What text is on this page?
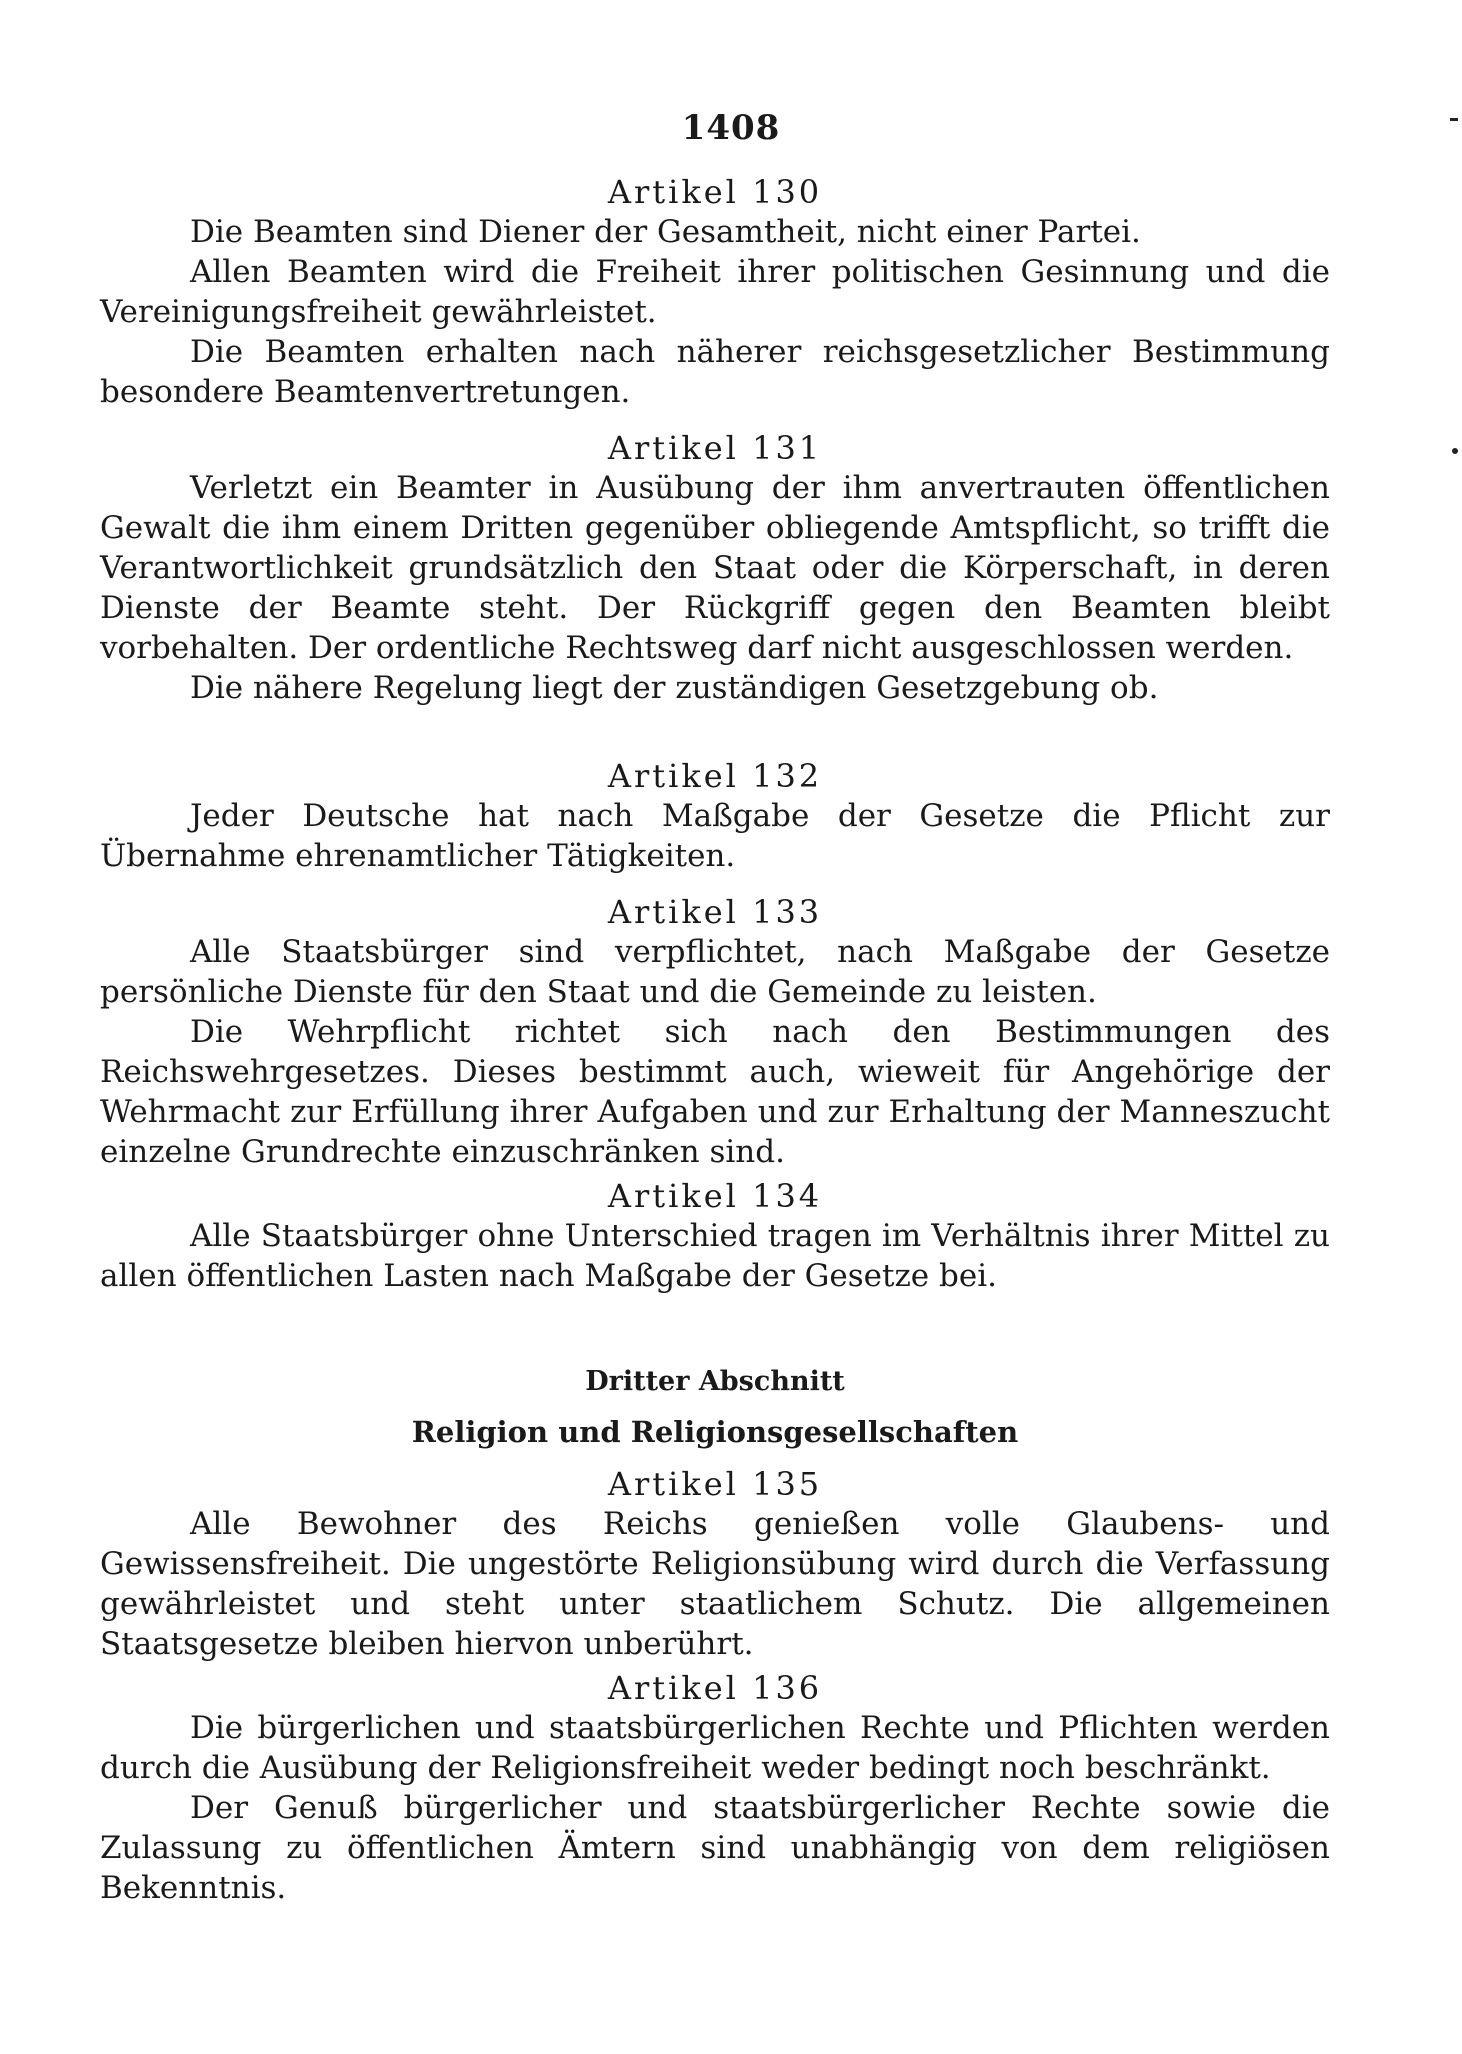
1408

Artikel 130

Die Beamten sind Diener der Gesamtheit, nicht einer Partei.

Allen Beamten wird die Freiheit ihrer politischen Gesinnung und die Vereinigungsfreiheit gewährleistet.

Die Beamten erhalten nach näherer reichsgesetzlicher Bestimmung besondere Beamtenvertretungen.

Artikel 131

Verletzt ein Beamter in Ausübung der ihm anvertrauten öffentlichen Gewalt die ihm einem Dritten gegenüber obliegende Amtspflicht, so trifft die Verantwortlichkeit grundsätzlich den Staat oder die Körperschaft, in deren Dienste der Beamte steht. Der Rückgriff gegen den Beamten bleibt vorbehalten. Der ordentliche Rechtsweg darf nicht ausgeschlossen werden.

Die nähere Regelung liegt der zuständigen Gesetzgebung ob.

Artikel 132

Jeder Deutsche hat nach Maßgabe der Gesetze die Pflicht zur Übernahme ehrenamtlicher Tätigkeiten.

Artikel 133

Alle Staatsbürger sind verpflichtet, nach Maßgabe der Gesetze persönliche Dienste für den Staat und die Gemeinde zu leisten.

Die Wehrpflicht richtet sich nach den Bestimmungen des Reichswehrgesetzes. Dieses bestimmt auch, wieweit für Angehörige der Wehrmacht zur Erfüllung ihrer Aufgaben und zur Erhaltung der Manneszucht einzelne Grundrechte einzuschränken sind.

Artikel 134

Alle Staatsbürger ohne Unterschied tragen im Verhältnis ihrer Mittel zu allen öffentlichen Lasten nach Maßgabe der Gesetze bei.

Dritter Abschnitt

Religion und Religionsgesellschaften

Artikel 135

Alle Bewohner des Reichs genießen volle Glaubens- und Gewissensfreiheit. Die ungestörte Religionsübung wird durch die Verfassung gewährleistet und steht unter staatlichem Schutz. Die allgemeinen Staatsgesetze bleiben hiervon unberührt.

Artikel 136

Die bürgerlichen und staatsbürgerlichen Rechte und Pflichten werden durch die Ausübung der Religionsfreiheit weder bedingt noch beschränkt.

Der Genuß bürgerlicher und staatsbürgerlicher Rechte sowie die Zulassung zu öffentlichen Ämtern sind unabhängig von dem religiösen Bekenntnis.
